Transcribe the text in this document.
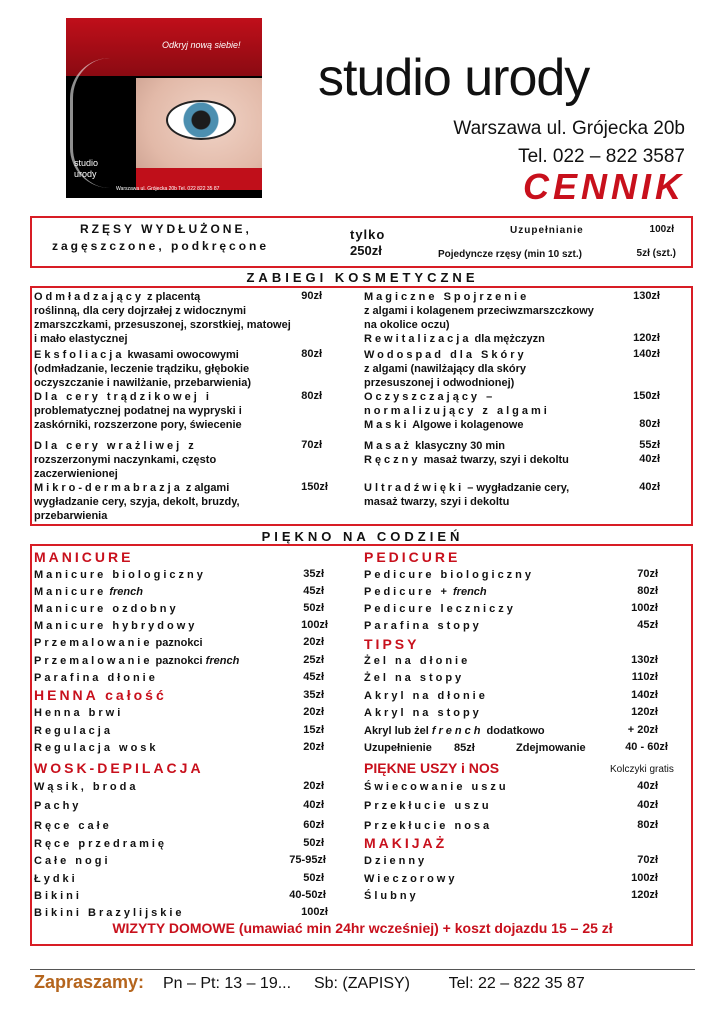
Odkryj nową siebie!
studio
urody
Warszawa ul. Grójecka 20b Tel. 022 822 35 87
studio urody
Warszawa ul. Grójecka 20b
Tel. 022 – 822 3587
CENNIK
RZĘSY WYDŁUŻONE,
zagęszczone, podkręcone
tylko
250zł
Uzupełnianie	100zł
Pojedyncze rzęsy (min 10 szt.)	5zł (szt.)
ZABIEGI KOSMETYCZNE
Odmładzający z placentą
roślinną, dla cery dojrzałej z widocznymi zmarszczkami, przesuszonej, szorstkiej, matowej i mało elastycznej
90zł
Eksfoliacja kwasami owocowymi
(odmładzanie, leczenie trądziku, głębokie oczyszczanie i nawilżanie, przebarwienia)
80zł
Dla cery trądzikowej i
problematycznej podatnej na wypryski i zaskórniki, rozszerzone pory, świecenie
80zł
Dla cery wrażliwej z
rozszerzonymi naczynkami, często zaczerwienionej
70zł
Mikro-dermabrazja z algami
wygładzanie cery, szyja, dekolt, bruzdy, przebarwienia
150zł
Magiczne Spojrzenie
z algami i kolagenem przeciwzmarszczkowy na okolice oczu)
130zł
Rewitalizacja dla mężczyzn	120zł
Wodospad dla Skóry
z algami (nawilżający dla skóry przesuszonej i odwodnionej)
140zł
Oczyszczający –
normalizujący z algami
150zł
Maski Algowe i kolagenowe	80zł
Masaż klasyczny 30 min	55zł
Ręczny masaż twarzy, szyi i dekoltu	40zł
Ultradźwięki – wygładzanie cery, masaż twarzy, szyi i dekoltu
40zł
PIĘKNO NA CODZIEŃ
MANICURE	PEDICURE
Manicure biologiczny	35zł
Manicure french	45zł
Manicure ozdobny	50zł
Manicure hybrydowy	100zł
Przemalowanie paznokci	20zł
Przemalowanie paznokci french	25zł
Parafina dłonie	45zł
HENNA całość	35zł
Henna brwi	20zł
Regulacja	15zł
Regulacja wosk	20zł
WOSK-DEPILACJA
Wąsik, broda	20zł
Pachy	40zł
Ręce całe	60zł
Ręce przedramię	50zł
Całe nogi	75-95zł
Łydki	50zł
Bikini	40-50zł
Bikini Brazylijskie	100zł
Pedicure biologiczny	70zł
Pedicure + french	80zł
Pedicure leczniczy	100zł
Parafina stopy	45zł
TIPSY
Żel na dłonie	130zł
Żel na stopy	110zł
Akryl na dłonie	140zł
Akryl na stopy	120zł
Akryl lub żel french dodatkowo	+ 20zł
Uzupełnienie 85zł	Zdejmowanie	40 - 60zł
PIĘKNE USZY i NOS	Kolczyki gratis
Świecowanie uszu	40zł
Przekłucie uszu	40zł
Przekłucie nosa	80zł
MAKIJAŻ
Dzienny	70zł
Wieczorowy	100zł
Ślubny	120zł
WIZYTY DOMOWE (umawiać min 24hr wcześniej) + koszt dojazdu 15 – 25 zł
Zapraszamy: Pn – Pt: 13 – 19... Sb: (ZAPISY) Tel: 22 – 822 35 87
